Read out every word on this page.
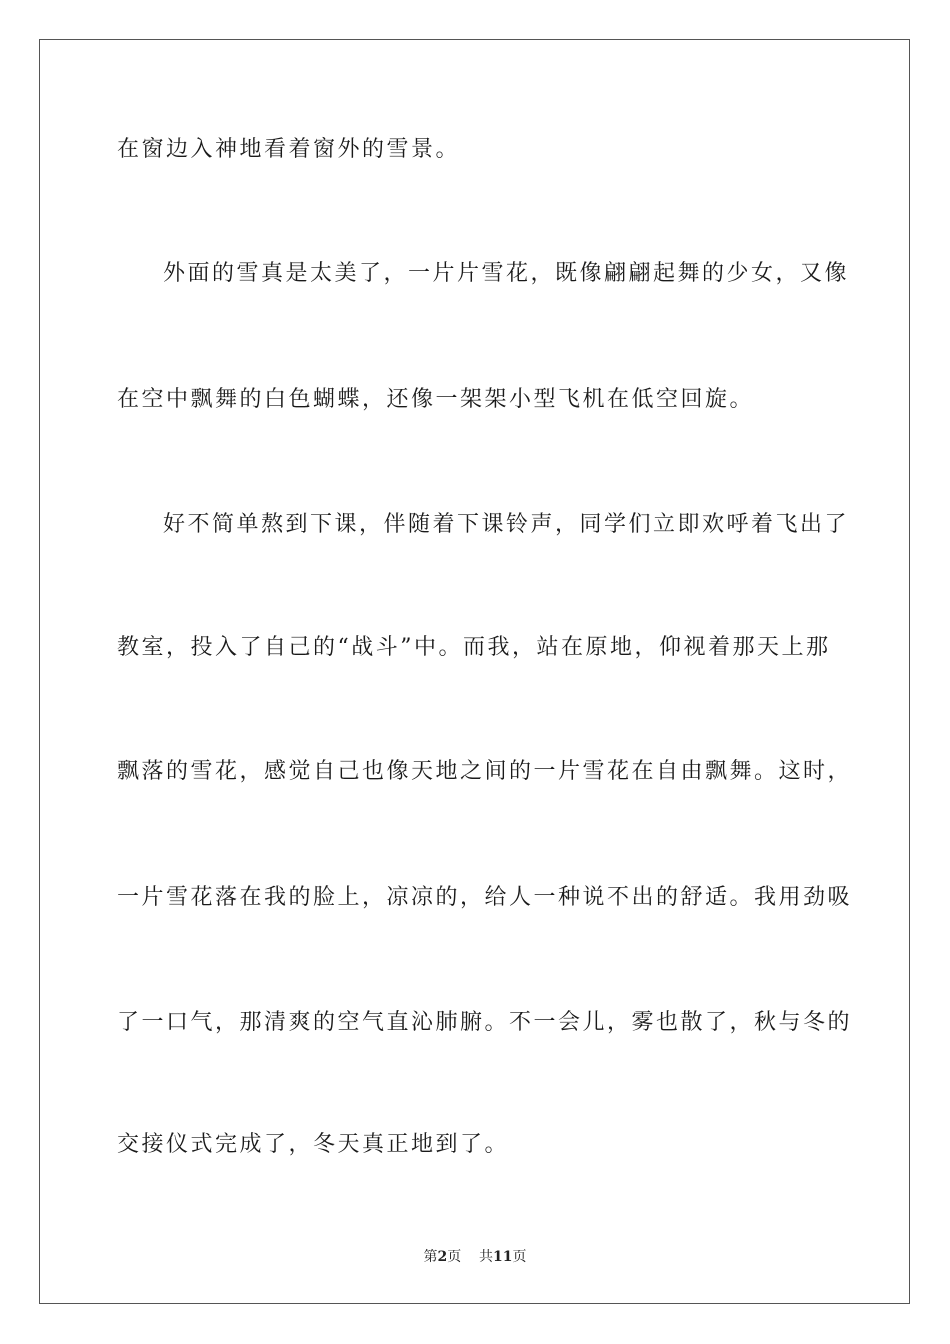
在窗边入神地看着窗外的雪景。
外面的雪真是太美了，一片片雪花，既像翩翩起舞的少女，又像
在空中飘舞的白色蝴蝶，还像一架架小型飞机在低空回旋。
好不简单熬到下课，伴随着下课铃声，同学们立即欢呼着飞出了
教室，投入了自己的“战斗”中。而我，站在原地，仰视着那天上那
飘落的雪花，感觉自己也像天地之间的一片雪花在自由飘舞。这时，
一片雪花落在我的脸上，凉凉的，给人一种说不出的舒适。我用劲吸
了一口气，那清爽的空气直沁肺腑。不一会儿，雾也散了，秋与冬的
交接仪式完成了，冬天真正地到了。
第2页 共11页
